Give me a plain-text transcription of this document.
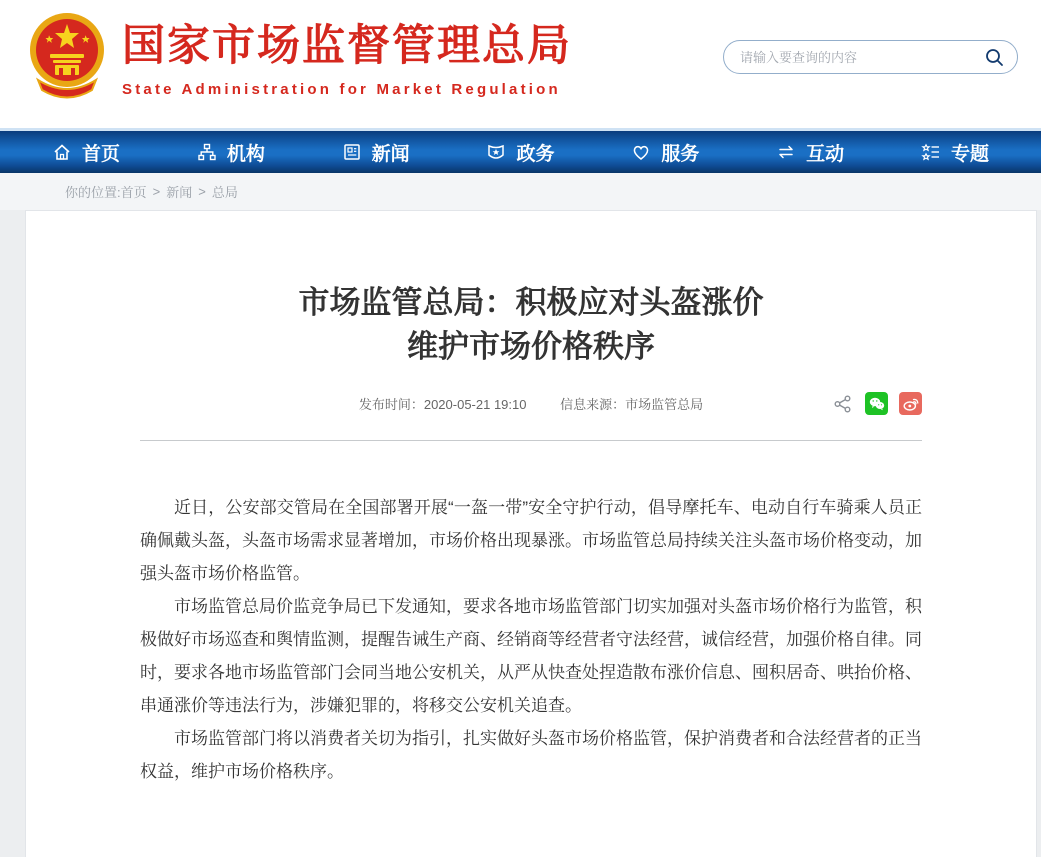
国家市场监督管理总局
State Administration for Market Regulation
请输入要查询的内容
首页	机构	新闻	政务	服务	互动	专题
你的位置: 首页 > 新闻 > 总局
市场监管总局：积极应对头盔涨价
维护市场价格秩序
发布时间：2020-05-21 19:10	信息来源：市场监管总局

近日，公安部交管局在全国部署开展“一盔一带”安全守护行动，倡导摩托车、电动自行车骑乘人员正确佩戴头盔，头盔市场需求显著增加，市场价格出现暴涨。市场监管总局持续关注头盔市场价格变动，加强头盔市场价格监管。

市场监管总局价监竞争局已下发通知，要求各地市场监管部门切实加强对头盔市场价格行为监管，积极做好市场巡查和舆情监测，提醒告诫生产商、经销商等经营者守法经营，诚信经营，加强价格自律。同时，要求各地市场监管部门会同当地公安机关，从严从快查处捏造散布涨价信息、囤积居奇、哄抬价格、串通涨价等违法行为，涉嫌犯罪的，将移交公安机关追查。

市场监管部门将以消费者关切为指引，扎实做好头盔市场价格监管，保护消费者和合法经营者的正当权益，维护市场价格秩序。
